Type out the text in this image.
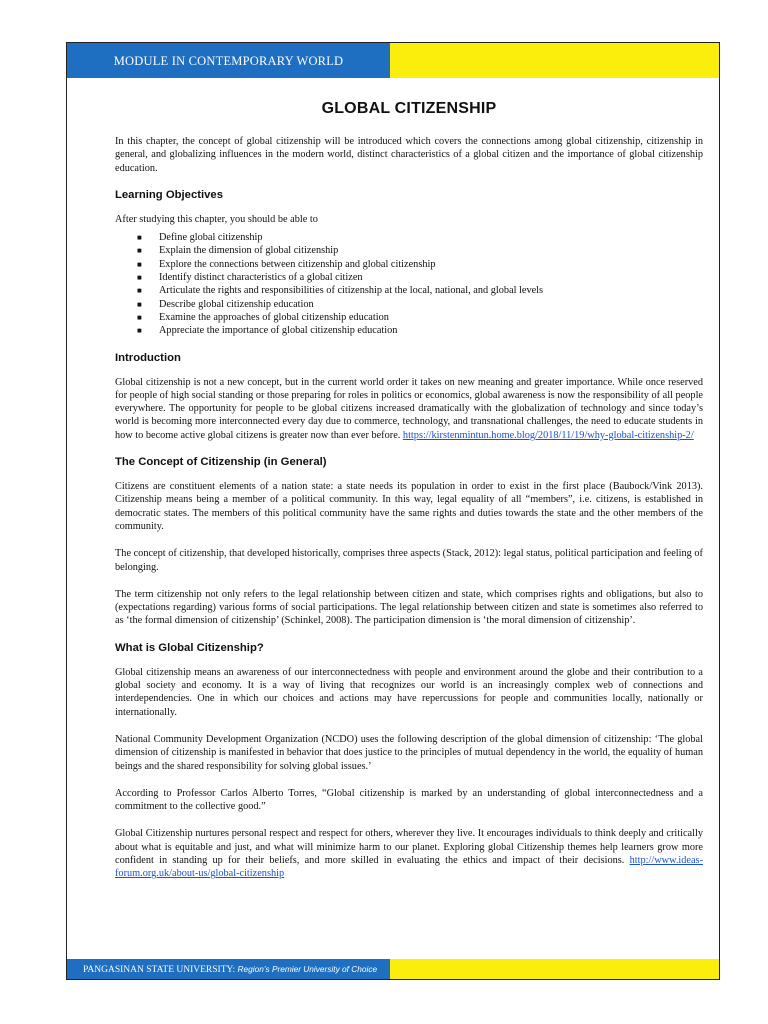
MODULE IN CONTEMPORARY WORLD
GLOBAL CITIZENSHIP

In this chapter, the concept of global citizenship will be introduced which covers the connections among global citizenship, citizenship in general, and globalizing influences in the modern world, distinct characteristics of a global citizen and the importance of global citizenship education.

Learning Objectives

After studying this chapter, you should be able to

■ Define global citizenship
■ Explain the dimension of global citizenship
■ Explore the connections between citizenship and global citizenship
■ Identify distinct characteristics of a global citizen
■ Articulate the rights and responsibilities of citizenship at the local, national, and global levels
■ Describe global citizenship education
■ Examine the approaches of global citizenship education
■ Appreciate the importance of global citizenship education
Introduction

Global citizenship is not a new concept, but in the current world order it takes on new meaning and greater importance. While once reserved for people of high social standing or those preparing for roles in politics or economics, global awareness is now the responsibility of all people everywhere. The opportunity for people to be global citizens increased dramatically with the globalization of technology and since today’s world is becoming more interconnected every day due to commerce, technology, and transnational challenges, the need to educate students in how to become active global citizens is greater now than ever before. https://kirstenmintun.home.blog/2018/11/19/why-global-citizenship-2/

The Concept of Citizenship (in General)

Citizens are constituent elements of a nation state: a state needs its population in order to exist in the first place (Baubock/Vink 2013). Citizenship means being a member of a political community. In this way, legal equality of all “members”, i.e. citizens, is established in democratic states. The members of this political community have the same rights and duties towards the state and the other members of the community.

The concept of citizenship, that developed historically, comprises three aspects (Stack, 2012): legal status, political participation and feeling of belonging.

The term citizenship not only refers to the legal relationship between citizen and state, which comprises rights and obligations, but also to (expectations regarding) various forms of social participations. The legal relationship between citizen and state is sometimes also referred to as ‘the formal dimension of citizenship’ (Schinkel, 2008). The participation dimension is ‘the moral dimension of citizenship’.

What is Global Citizenship?

Global citizenship means an awareness of our interconnectedness with people and environment around the globe and their contribution to a global society and economy. It is a way of living that recognizes our world is an increasingly complex web of connections and interdependencies. One in which our choices and actions may have repercussions for people and communities locally, nationally or internationally.

National Community Development Organization (NCDO) uses the following description of the global dimension of citizenship: ‘The global dimension of citizenship is manifested in behavior that does justice to the principles of mutual dependency in the world, the equality of human beings and the shared responsibility for solving global issues.’

According to Professor Carlos Alberto Torres, “Global citizenship is marked by an understanding of global interconnectedness and a commitment to the collective good.”

Global Citizenship nurtures personal respect and respect for others, wherever they live. It encourages individuals to think deeply and critically about what is equitable and just, and what will minimize harm to our planet. Exploring global Citizenship themes help learners grow more confident in standing up for their beliefs, and more skilled in evaluating the ethics and impact of their decisions. http://www.ideas-forum.org.uk/about-us/global-citizenship

PANGASINAN STATE UNIVERSITY: Region’s Premier University of Choice
